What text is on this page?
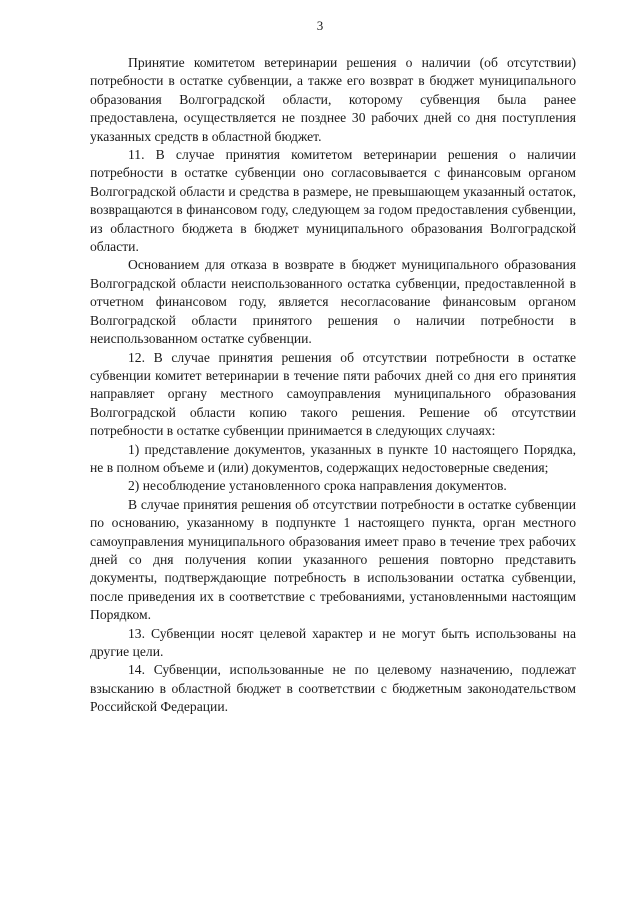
3

Принятие комитетом ветеринарии решения о наличии (об отсутствии) потребности в остатке субвенции, а также его возврат в бюджет муниципального образования Волгоградской области, которому субвенция была ранее предоставлена, осуществляется не позднее 30 рабочих дней со дня поступления указанных средств в областной бюджет.

11. В случае принятия комитетом ветеринарии решения о наличии потребности в остатке субвенции оно согласовывается с финансовым органом Волгоградской области и средства в размере, не превышающем указанный остаток, возвращаются в финансовом году, следующем за годом предоставления субвенции, из областного бюджета в бюджет муниципального образования Волгоградской области.

Основанием для отказа в возврате в бюджет муниципального образования Волгоградской области неиспользованного остатка субвенции, предоставленной в отчетном финансовом году, является несогласование финансовым органом Волгоградской области принятого решения о наличии потребности в неиспользованном остатке субвенции.

12. В случае принятия решения об отсутствии потребности в остатке субвенции комитет ветеринарии в течение пяти рабочих дней со дня его принятия направляет органу местного самоуправления муниципального образования Волгоградской области копию такого решения. Решение об отсутствии потребности в остатке субвенции принимается в следующих случаях:

1) представление документов, указанных в пункте 10 настоящего Порядка, не в полном объеме и (или) документов, содержащих недостоверные сведения;

2) несоблюдение установленного срока направления документов.

В случае принятия решения об отсутствии потребности в остатке субвенции по основанию, указанному в подпункте 1 настоящего пункта, орган местного самоуправления муниципального образования имеет право в течение трех рабочих дней со дня получения копии указанного решения повторно представить документы, подтверждающие потребность в использовании остатка субвенции, после приведения их в соответствие с требованиями, установленными настоящим Порядком.

13. Субвенции носят целевой характер и не могут быть использованы на другие цели.

14. Субвенции, использованные не по целевому назначению, подлежат взысканию в областной бюджет в соответствии с бюджетным законодательством Российской Федерации.
